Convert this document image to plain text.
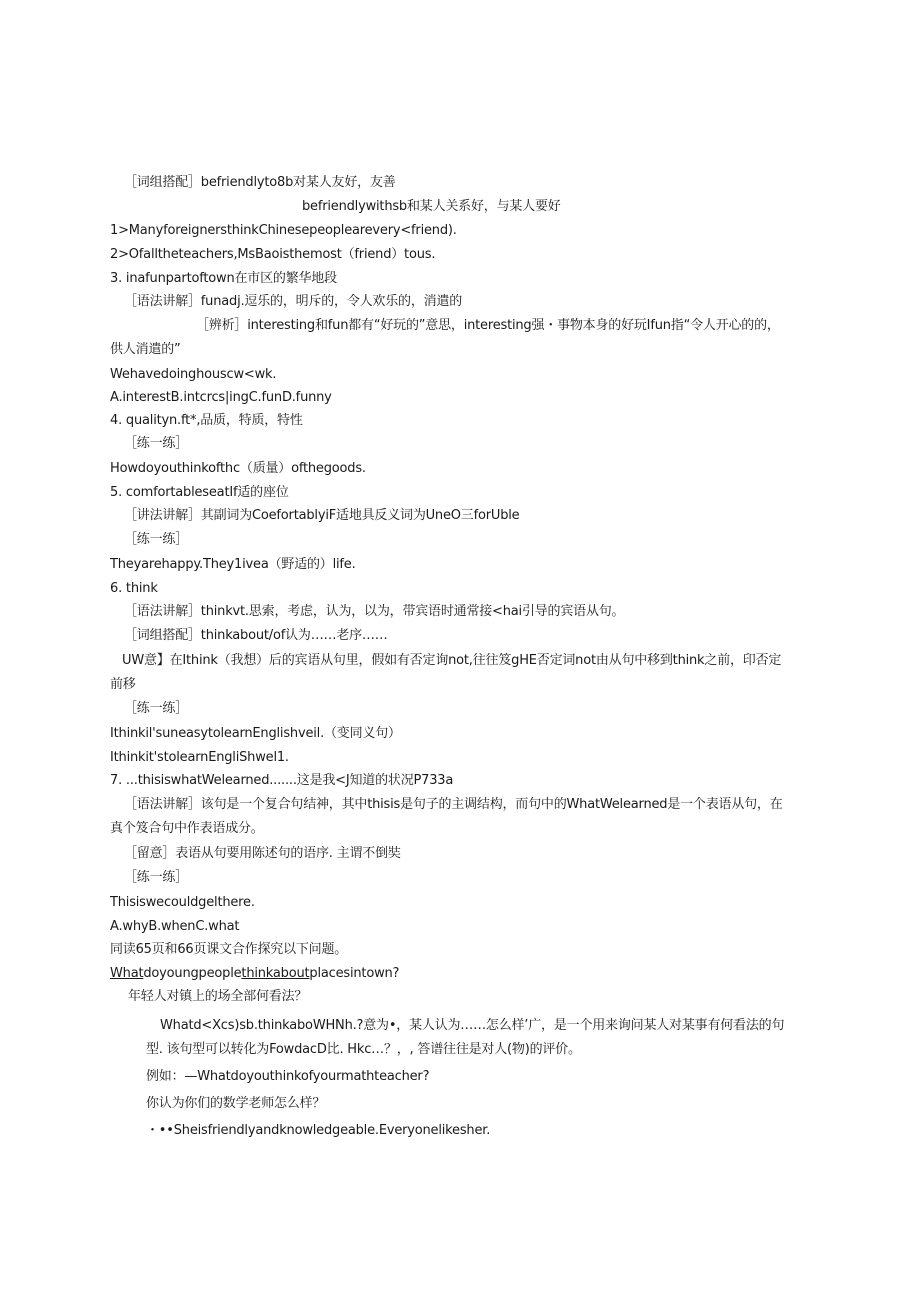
［词组搭配］befriendlyto8b对某人友好，友善
befriendlywithsb和某人关系好，与某人要好
1>ManyforeignersthinkChinesepeoplearevery<friend).
2>Ofalltheteachers,MsBaoisthemost（friend）tous.
3. inafunpartoftown在市区的繁华地段
［语法讲解］funadj.逗乐的，明斥的，令人欢乐的，消遣的
［辨析］interesting和fun都有“好玩的”意思，interesting强・事物本身的好玩Ifun指“令人开心的的，供人消遣的”
Wehavedoinghouscw<wk.
A.interestB.intcrcs|ingC.funD.funny
4. qualityn.ft*,品质，特质，特性
［练一练］
Howdoyouthinkofthc（质量）ofthegoods.
5. comfortableseatIf适的座位
［讲法讲解］其副词为CoefortablyiF适地具反义词为UneO三forUble
［练一练］
Theyarehappy.They1ivea（野适的）life.
6. think
［语法讲解］thinkvt.思索，考虑，认为，以为，带宾语时通常接<hai引导的宾语从句。
［词组搭配］thinkabout/of认为……老序……
UW意】在Ithink（我想）后的宾语从句里，假如有否定询not,往往笈gHE否定词not由从句中移到think之前，印否定前移
［练一练］
Ithinkil'suneasytolearnEnglishveil.（变同义句）
Ithinkit'stolearnEngliShwel1.
7. ...thisiswhatWelearned.......这是我<J知道的状况P733a
［语法讲解］该句是一个复合句结神，其中thisis是句子的主调结构，而句中的WhatWelearned是一个表语从句，在真个笈合句中作表语成分。
［留意］表语从句要用陈述句的语序. 主谓不倒奘
［练一练］
Thisiswecouldgelthere.
A.whyB.whenC.what
同读65页和66页课文合作探究以下问题。
Whatdoyoungpeoplethinkaboutplacesintown?
年轻人对镇上的场全部何看法？
Whatd<Xcs)sb.thinkaboWHNh.?意为•，某人认为……怎么样’广，是一个用来询问某人对某事有何看法的句型. 该句型可以转化为FowdacD比. Hkc…？，, 答谱往往是对人(物)的评价。
例如：—Whatdoyouthinkofyourmathteacher?
你认为你们的数学老师怎么样？
・••Sheisfriendlyandknowledgeable.Everyonelikesher.
